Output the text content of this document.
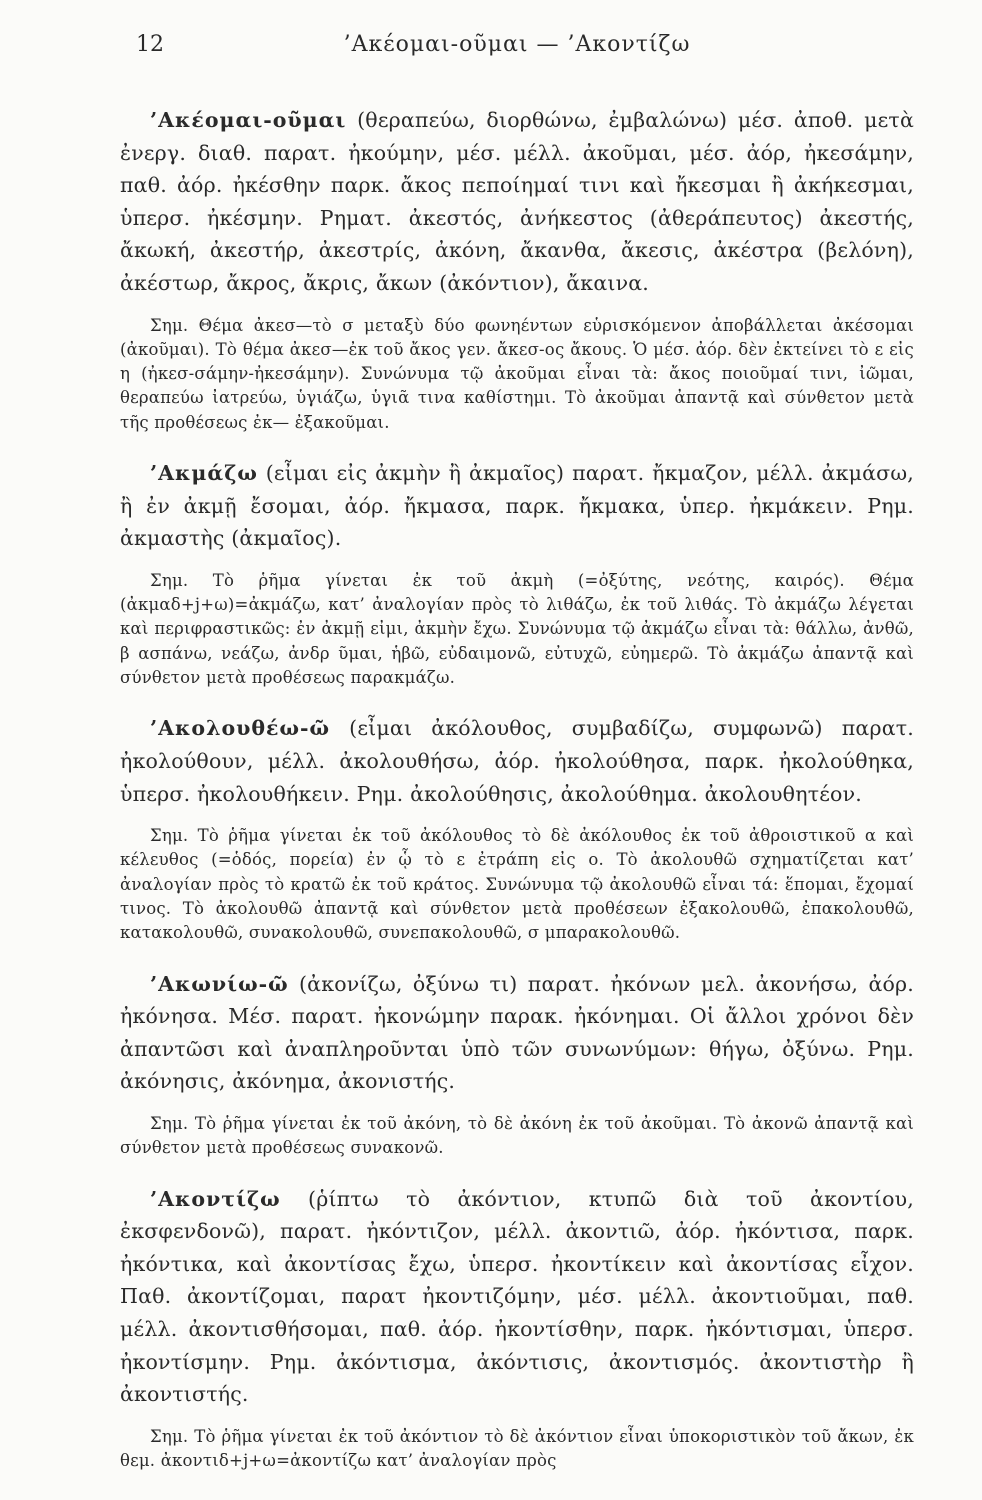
12	’Ακέομαι-οῦμαι — ’Ακοντίζω

’Ακέομαι-οῦμαι (θεραπεύω, διορθώνω, ἐμβαλώνω) μέσ. ἀποθ. μετὰ ἐνεργ. διαθ. παρατ. ἠκούμην, μέσ. μέλλ. ἀκοῦμαι, μέσ. ἀόρ, ἠκεσάμην, παθ. ἀόρ. ἠκέσθην παρκ. ἄκος πεποίημαί τινι καὶ ἤκεσμαι ἢ ἀκήκεσμαι, ὑπερσ. ἠκέσμην. Ρηματ. ἀκεστός, ἀνήκεστος (ἀθεράπευτος) ἀκεστής, ἄκωκή, ἀκεστήρ, ἀκεστρίς, ἀκόνη, ἄκανθα, ἄκεσις, ἀκέστρα (βελόνη), ἀκέστωρ, ἄκρος, ἄκρις, ἄκων (ἀκόντιον), ἄκαινα.

Σημ. Θέμα ἀκεσ—τὸ σ μεταξὺ δύο φωνηέντων εὑρισκόμενον ἀποβάλλεται ἀκέσομαι (ἀκοῦμαι). Τὸ θέμα ἀκεσ—ἐκ τοῦ ἄκος γεν. ἄκεσ-ος ἄκους. Ὁ μέσ. ἀόρ. δὲν ἐκτείνει τὸ ε εἰς η (ἠκεσ-σάμην-ἠκεσάμην). Συνώνυμα τῷ ἀκοῦμαι εἶναι τὰ: ἄκος ποιοῦμαί τινι, ἰῶμαι, θεραπεύω ἰατρεύω, ὑγιάζω, ὑγιᾶ τινα καθίστημι. Τὸ ἀκοῦμαι ἀπαντᾷ καὶ σύνθετον μετὰ τῆς προθέσεως ἐκ— ἐξακοῦμαι.

’Ακμάζω (εἶμαι εἰς ἀκμὴν ἢ ἀκμαῖος) παρατ. ἤκμαζον, μέλλ. ἀκμάσω, ἢ ἐν ἀκμῇ ἔσομαι, ἀόρ. ἤκμασα, παρκ. ἤκμακα, ὑπερ. ἠκμάκειν. Ρημ. ἀκμαστὴς (ἀκμαῖος).

Σημ. Τὸ ῥῆμα γίνεται ἐκ τοῦ ἀκμὴ (=ὀξύτης, νεότης, καιρός). Θέμα (ἀκμαδ+j+ω)=ἀκμάζω, κατ’ ἀναλογίαν πρὸς τὸ λιθάζω, ἐκ τοῦ λιθάς. Τὸ ἀκμάζω λέγεται καὶ περιφραστικῶς: ἐν ἀκμῇ εἰμι, ἀκμὴν ἔχω. Συνώνυμα τῷ ἀκμάζω εἶναι τὰ: θάλλω, ἀνθῶ, β ασπάνω, νεάζω, ἀνδρ ῦμαι, ἡβῶ, εὐδαιμονῶ, εὐτυχῶ, εὐημερῶ. Τὸ ἀκμάζω ἀπαντᾷ καὶ σύνθετον μετὰ προθέσεως παρακμάζω.

’Ακολουθέω-ῶ (εἶμαι ἀκόλουθος, συμβαδίζω, συμφωνῶ) παρατ. ἠκολούθουν, μέλλ. ἀκολουθήσω, ἀόρ. ἠκολούθησα, παρκ. ἠκολούθηκα, ὑπερσ. ἠκολουθήκειν. Ρημ. ἀκολούθησις, ἀκολούθημα. ἀκολουθητέον.

Σημ. Τὸ ῥῆμα γίνεται ἐκ τοῦ ἀκόλουθος τὸ δὲ ἀκόλουθος ἐκ τοῦ ἀθροιστικοῦ α καὶ κέλευθος (=ὁδός, πορεία) ἐν ᾧ τὸ ε ἐτράπη εἰς ο. Τὸ ἀκολουθῶ σχηματίζεται κατ’ ἀναλογίαν πρὸς τὸ κρατῶ ἐκ τοῦ κράτος. Συνώνυμα τῷ ἀκολουθῶ εἶναι τά: ἕπομαι, ἔχομαί τινος. Τὸ ἀκολουθῶ ἀπαντᾷ καὶ σύνθετον μετὰ προθέσεων ἐξακολουθῶ, ἐπακολουθῶ, κατακολουθῶ, συνακολουθῶ, συνεπακολουθῶ, σ μπαρακολουθῶ.

’Ακωνίω-ῶ (ἀκονίζω, ὀξύνω τι) παρατ. ἠκόνων μελ. ἀκονήσω, ἀόρ. ἠκόνησα. Μέσ. παρατ. ἠκονώμην παρακ. ἠκόνημαι. Οἱ ἄλλοι χρόνοι δὲν ἀπαντῶσι καὶ ἀναπληροῦνται ὑπὸ τῶν συνωνύμων: θήγω, ὀξύνω. Ρημ. ἀκόνησις, ἀκόνημα, ἀκονιστής.

Σημ. Τὸ ῥῆμα γίνεται ἐκ τοῦ ἀκόνη, τὸ δὲ ἀκόνη ἐκ τοῦ ἀκοῦμαι. Τὸ ἀκονῶ ἀπαντᾷ καὶ σύνθετον μετὰ προθέσεως συνακονῶ.

’Ακοντίζω (ῥίπτω τὸ ἀκόντιον, κτυπῶ διὰ τοῦ ἀκοντίου, ἐκσφενδονῶ), παρατ. ἠκόντιζον, μέλλ. ἀκοντιῶ, ἀόρ. ἠκόντισα, παρκ. ἠκόντικα, καὶ ἀκοντίσας ἔχω, ὑπερσ. ἠκοντίκειν καὶ ἀκοντίσας εἶχον. Παθ. ἀκοντίζομαι, παρατ ἠκοντιζόμην, μέσ. μέλλ. ἀκοντιοῦμαι, παθ. μέλλ. ἀκοντισθήσομαι, παθ. ἀόρ. ἠκοντίσθην, παρκ. ἠκόντισμαι, ὑπερσ. ἠκοντίσμην. Ρημ. ἀκόντισμα, ἀκόντισις, ἀκοντισμός. ἀκοντιστὴρ ἢ ἀκοντιστής.

Σημ. Τὸ ῥῆμα γίνεται ἐκ τοῦ ἀκόντιον τὸ δὲ ἀκόντιον εἶναι ὑποκοριστικὸν τοῦ ἄκων, ἐκ θεμ. ἀκοντιδ+j+ω=ἀκοντίζω κατ’ ἀναλογίαν πρὸς
